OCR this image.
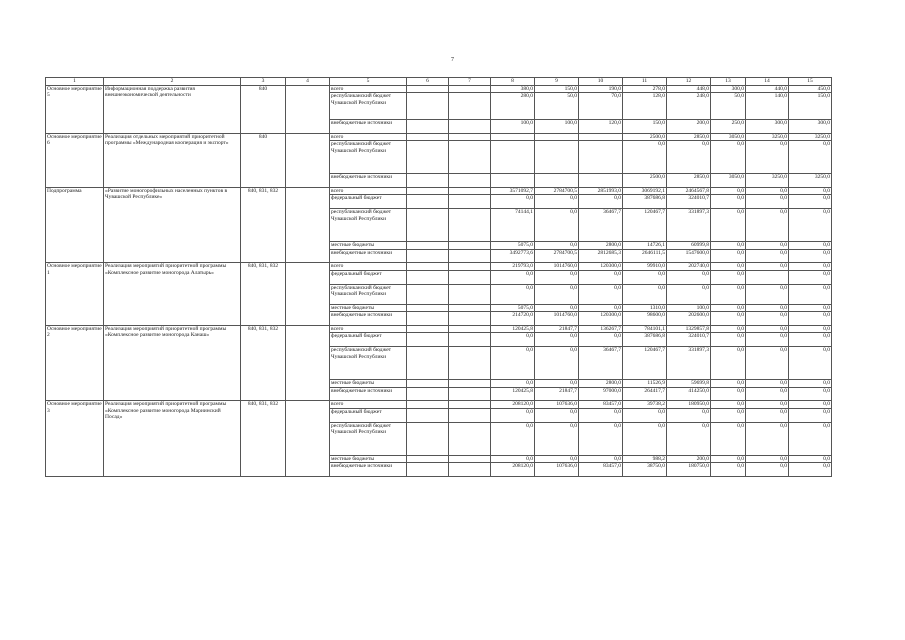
7
1	2	3	4	5	6	7	8	9	10	11	12	13	14	15
Основное мероприятие 5	Информационная поддержка развития внешнеэкономической деятельности	840		всего			380,0	150,0	190,0	278,0	448,0	300,0	440,0	450,0
				республиканский бюджет Чувашской Республики			280,0	50,0	70,0	128,0	248,0	50,0	140,0	150,0
				внебюджетные источники			100,0	100,0	120,0	150,0	200,0	250,0	300,0	300,0
Основное мероприятие 6	Реализация отдельных мероприятий приоритетной программы «Международная кооперация и экспорт»	840		всего						2500,0	2850,0	3050,0	3250,0	3250,0
				республиканский бюджет Чувашской Республики						0,0	0,0	0,0	0,0	0,0
				внебюджетные источники						2500,0	2850,0	3050,0	3250,0	3250,0
Подпрограмма	«Развитие моногорофильных населенных пунктов в Чувашской Республике»	840, 831, 832		всего			3571092,7	2784700,5	2851993,0	3069192,1	2464567,8	0,0	0,0	0,0
				федеральный бюджет			0,0	0,0	0,0	387686,8	324010,7	0,0	0,0	0,0
				республиканский бюджет Чувашской Республики			74144,1	0,0	36467,7	120467,7	331897,3	0,0	0,0	0,0
				местные бюджеты			5075,0	0,0	2800,0	14726,1	60999,8	0,0	0,0	0,0
				внебюджетные источники			3492773,6	2784700,5	2812685,3	2646111,5	1547600,0	0,0	0,0	0,0
Основное мероприятие 1	Реализация мероприятий приоритетной программы «Комплексное развитие моногорода Алатырь»	840, 831, 832		всего			219793,0	1014760,0	120300,0	99910,0	202740,0	0,0	0,0	0,0
				федеральный бюджет			0,0	0,0	0,0	0,0	0,0	0,0		0,0
				республиканский бюджет Чувашской Республики			0,0	0,0	0,0	0,0	0,0	0,0	0,0	0,0
				местные бюджеты			5075,0	0,0	0,0	1310,0	100,0	0,0	0,0	0,0
				внебюджетные источники			214720,0	1014760,0	120300,0	98600,0	202600,0	0,0	0,0	0,0
Основное мероприятие 2	Реализация мероприятий приоритетной программы «Комплексное развитие моногорода Канаш»	840, 831, 832		всего			120425,8	21847,7	136267,7	784101,1	1329857,8	0,0	0,0	0,0
				федеральный бюджет			0,0	0,0	0,0	387686,8	324010,7	0,0	0,0	0,0
				республиканский бюджет Чувашской Республики			0,0	0,0	36467,7	120467,7	331897,3	0,0	0,0	0,0
				местные бюджеты			0,0	0,0	2800,0	11526,9	59699,8	0,0	0,0	0,0
				внебюджетные источники			120425,8	21847,7	97000,0	264417,7	414250,0	0,0	0,0	0,0
Основное мероприятие 3	Реализация мероприятий приоритетной программы «Комплексное развитие моногорода Мариинский Посад»	840, 831, 832		всего			208120,0	107636,0	83457,0	39738,2	180950,0	0,0	0,0	0,0
				федеральный бюджет			0,0	0,0	0,0	0,0	0,0	0,0	0,0	0,0
				республиканский бюджет Чувашской Республики			0,0	0,0	0,0	0,0	0,0	0,0	0,0	0,0
				местные бюджеты			0,0	0,0	0,0	988,2	200,0	0,0	0,0	0,0
				внебюджетные источники			208120,0	107636,0	83457,0	38750,0	180750,0	0,0	0,0	0,0
